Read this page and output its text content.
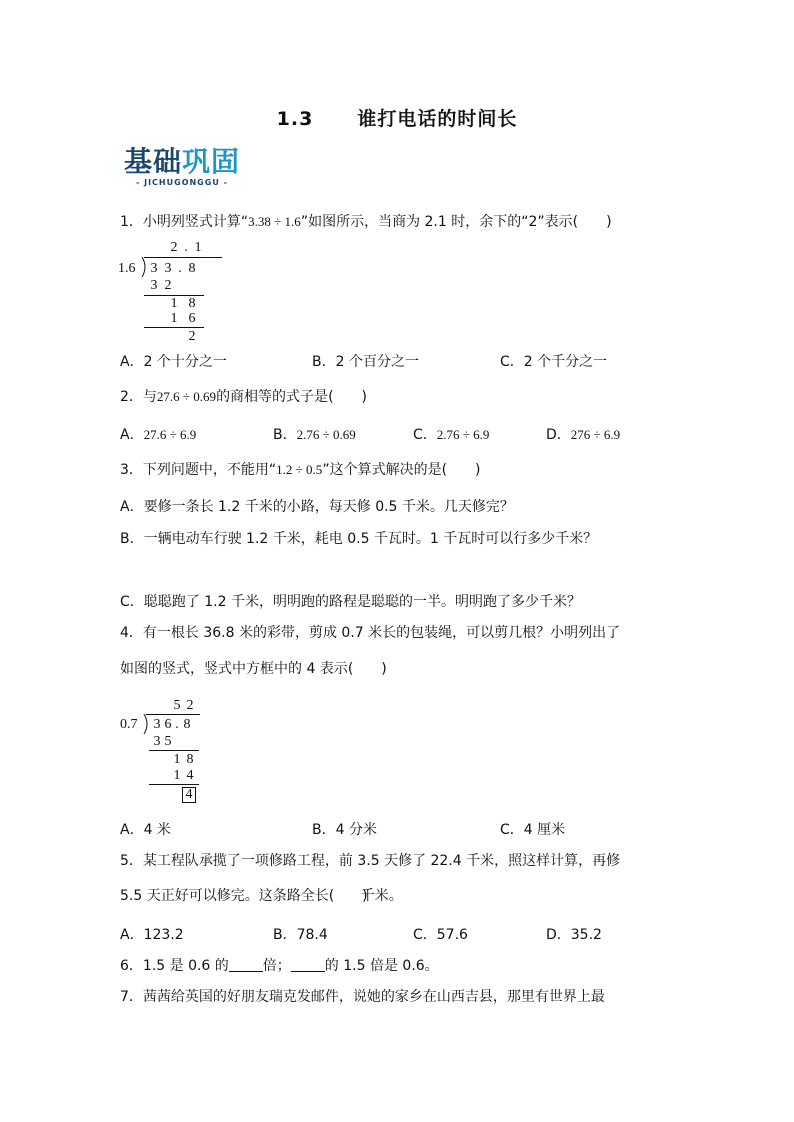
1.3 谁打电话的时间长
基础巩固
- JICHUGONGGU -
1．小明列竖式计算“3.38 ÷ 1.6”如图所示，当商为 2.1 时，余下的“2”表示(　　)
2 . 1
1.6 3 3 . 8
3 2
1 8
1 6
2
A．2 个十分之一	B．2 个百分之一	C．2 个千分之一
2．与27.6 ÷ 0.69的商相等的式子是(　　)
A．27.6 ÷ 6.9	B．2.76 ÷ 0.69	C．2.76 ÷ 6.9	D．276 ÷ 6.9
3．下列问题中，不能用“1.2 ÷ 0.5”这个算式解决的是(　　)
A．要修一条长 1.2 千米的小路，每天修 0.5 千米。几天修完？
B．一辆电动车行驶 1.2 千米，耗电 0.5 千瓦时。1 千瓦时可以行多少千米？
C．聪聪跑了 1.2 千米，明明跑的路程是聪聪的一半。明明跑了多少千米？
4．有一根长 36.8 米的彩带，剪成 0.7 米长的包装绳，可以剪几根？小明列出了
如图的竖式，竖式中方框中的 4 表示(　　)
5 2
0.7 3 6 . 8
3 5
1 8
1 4
4
A．4 米	B．4 分米	C．4 厘米
5．某工程队承揽了一项修路工程，前 3.5 天修了 22.4 千米，照这样计算，再修
5.5 天正好可以修完。这条路全长(　　)千米。
A．123.2	B．78.4	C．57.6	D．35.2
6．1.5 是 0.6 的 倍； 的 1.5 倍是 0.6。
7．茜茜给英国的好朋友瑞克发邮件，说她的家乡在山西吉县，那里有世界上最
